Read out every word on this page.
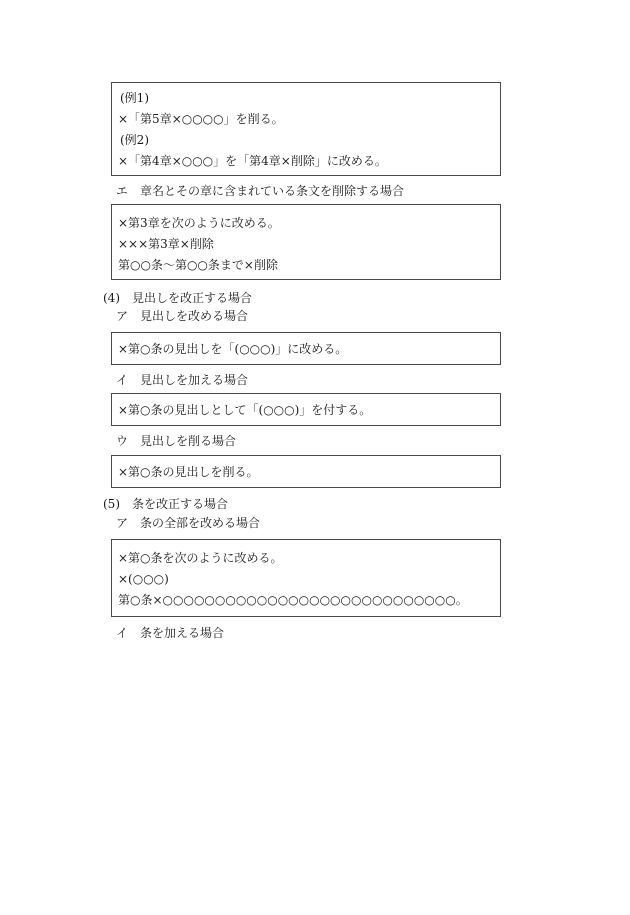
(例1)
×「第5章×○○○○」を削る。
(例2)
×「第4章×○○○」を「第4章×削除」に改める。
エ　章名とその章に含まれている条文を削除する場合
×第3章を次のように改める。
×××第3章×削除
第○○条〜第○○条まで×削除
(4)　見出しを改正する場合
ア　見出しを改める場合
×第○条の見出しを「(○○○)」に改める。
イ　見出しを加える場合
×第○条の見出しとして「(○○○)」を付する。
ウ　見出しを削る場合
×第○条の見出しを削る。
(5)　条を改正する場合
ア　条の全部を改める場合
×第○条を次のように改める。
×(○○○)
第○条×○○○○○○○○○○○○○○○○○○○○○○○○○○○○。
イ　条を加える場合
